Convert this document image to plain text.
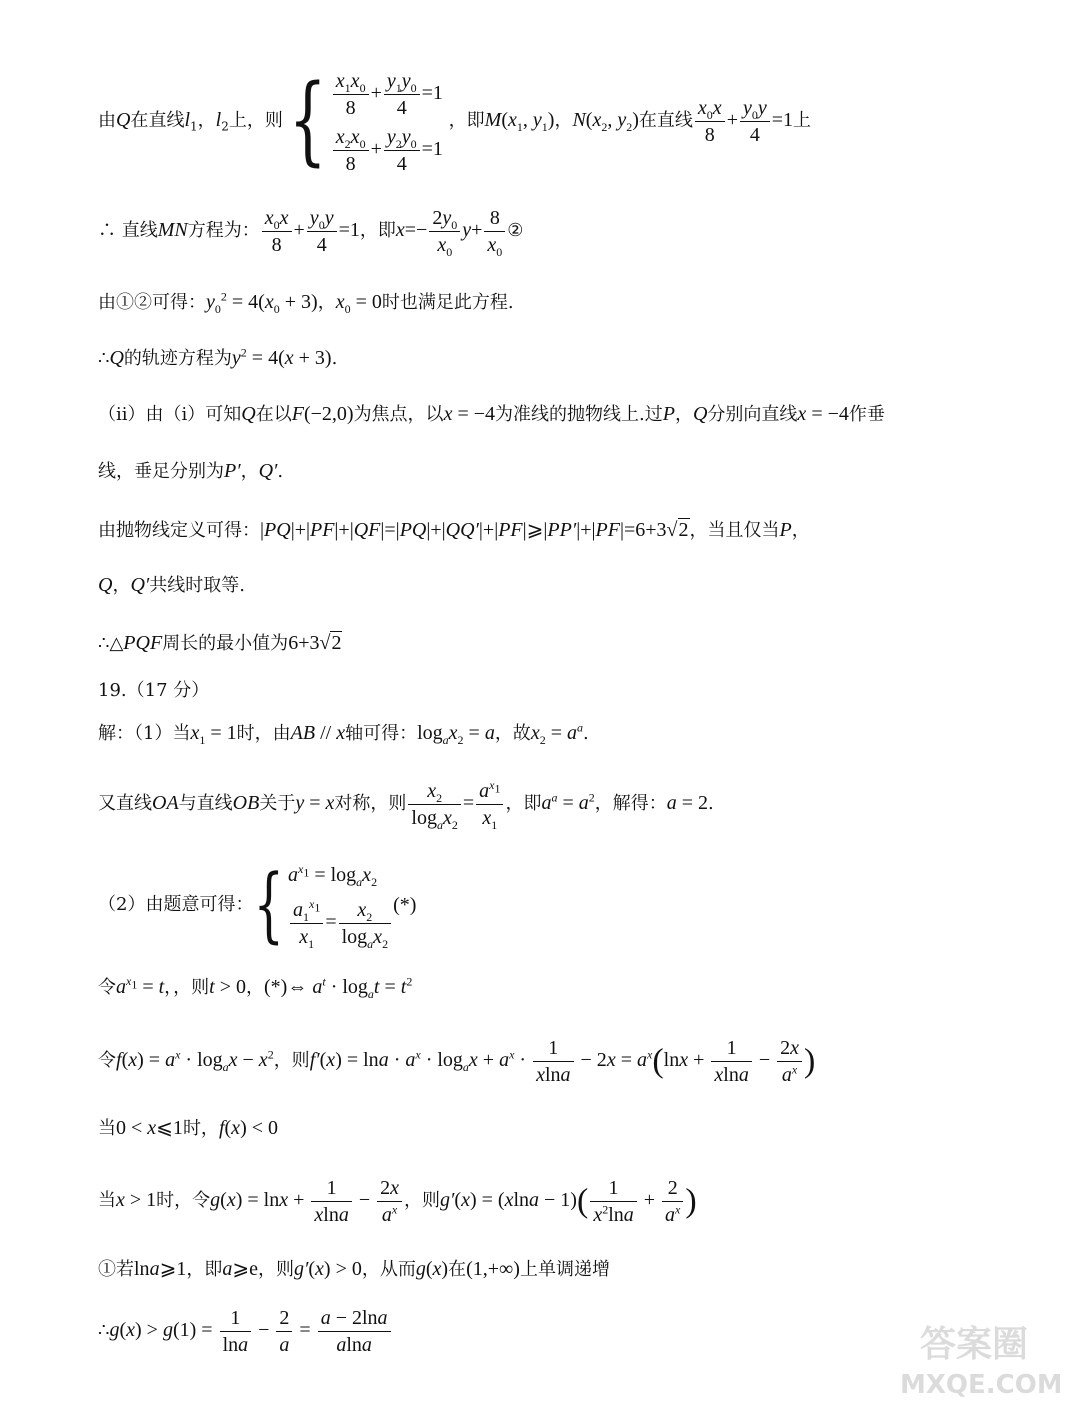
由Q在直线$l_1$，$l_2$上，则 { $\frac{x_1x_0}{8} + \frac{y_1y_0}{4} =1$
$\frac{x_2x_0}{8} + \frac{y_2y_0}{4} =1$
，即$M(x_1$, $y_1$)，$N(x_2$, $y_2$)在直线 $\frac{x_0x}{8} + \frac{y_0y}{4} =1$上
∴ 直线MN方程为： $\frac{x_0x}{8} + \frac{y_0y}{4} =1$，即$x=- \frac{2y_0}{x_0} y+ \frac{8}{x_0}$ ②
由①②可得：$y_0^2 = 4(x_0 + 3)$，$x_0 = 0$时也满足此方程.
∴Q的轨迹方程为$y^2 = 4(x + 3)$.
（ii）由（i）可知Q在以F(−2,0)为焦点，以x = −4为准线的抛物线上.过P，Q分别向直线x = −4作垂
线，垂足分别为P′，Q′.
由抛物线定义可得：|PQ|+|PF|+|QF|=|PQ|+|QQ′|+|PF|⩾|PP′|+|PF|=6+3√2，当且仅当P，
Q，Q′共线时取等.
∴△PQF周长的最小值为6+3√2
19.（17 分）
解：（1）当$x_1 = 1$时，由AB // x轴可得：$\log_ax_2 = a$，故$x_2 = a^a$.
又直线OA与直线OB关于y = x对称，则 $\frac{x_2}{\log_ax_2} = \frac{a^{x_1}}{x_1}$ ，即$a^a = a^2$，解得：a = 2.
（2）由题意可得：{ $a^{x_1} = \log_ax_2$
$\frac{a_1^{x_1}}{x_1} = \frac{x_2}{\log_ax_2}$ (*)
令$a^{x_1} = t$，，则t > 0，(*)⇔ $a^t \cdot \log_at = t^2$
令$f(x) = a^x \cdot \log_ax - x^2$，则$f'(x) = \ln a \cdot a^x \cdot \log_ax + a^x \cdot \frac{1}{xlna} - 2x = a^x(\ln x + \frac{1}{xlna} - \frac{2x}{a^x}$ )
当0 < x⩽1时，f(x) < 0
当x > 1时，令$g(x) = \ln x + \frac{1}{xlna} - \frac{2x}{a^x}$ ，则$g'(x) = (xlna - 1)( \frac{1}{x^2\ln a} + \frac{2}{a^x}$ )
①若lna⩾1，即a⩾e，则g′(x) > 0，从而g(x)在(1,+∞)上单调递增
∴g(x) > $g(1) = \frac{1}{\ln a} - \frac{2}{a} = \frac{a - 2\ln a}{alna}$	答案圈
MXQE.COM
